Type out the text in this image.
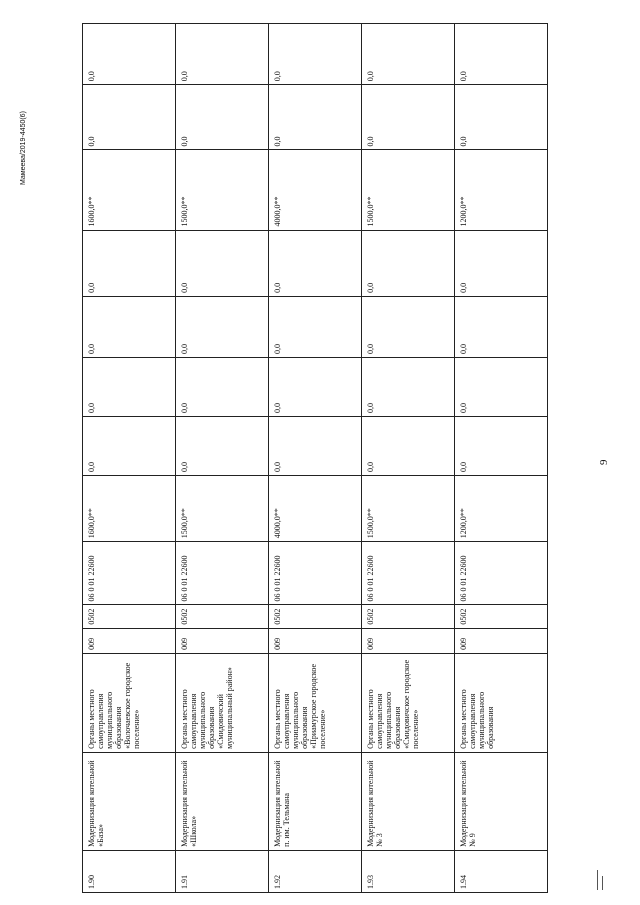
9
Мамеева/2019-4450(6)
1.90	Модернизация котельной «База»	Органы местного самоуправления муниципального образования «Волочаевское городское поселение»	009	0502	06 0 01 22600	1600,0**	0,0	0,0	0,0	0,0	1600,0**	0,0	0,0
1.91	Модернизация котельной «Школа»	Органы местного самоуправления муниципального образования «Смидовичский муниципальный район»	009	0502	06 0 01 22600	1500,0**	0,0	0,0	0,0	0,0	1500,0**	0,0	0,0
1.92	Модернизация котельной п. им. Тельмана	Органы местного самоуправления муниципального образования «Приамурское городское поселение»	009	0502	06 0 01 22600	4000,0**	0,0	0,0	0,0	0,0	4000,0**	0,0	0,0
1.93	Модернизация котельной № 3	Органы местного самоуправления муниципального образования «Смидовичское городское поселение»	009	0502	06 0 01 22600	1500,0**	0,0	0,0	0,0	0,0	1500,0**	0,0	0,0
1.94	Модернизация котельной № 9	Органы местного самоуправления муниципального образования	009	0502	06 0 01 22600	1200,0**	0,0	0,0	0,0	0,0	1200,0**	0,0	0,0
